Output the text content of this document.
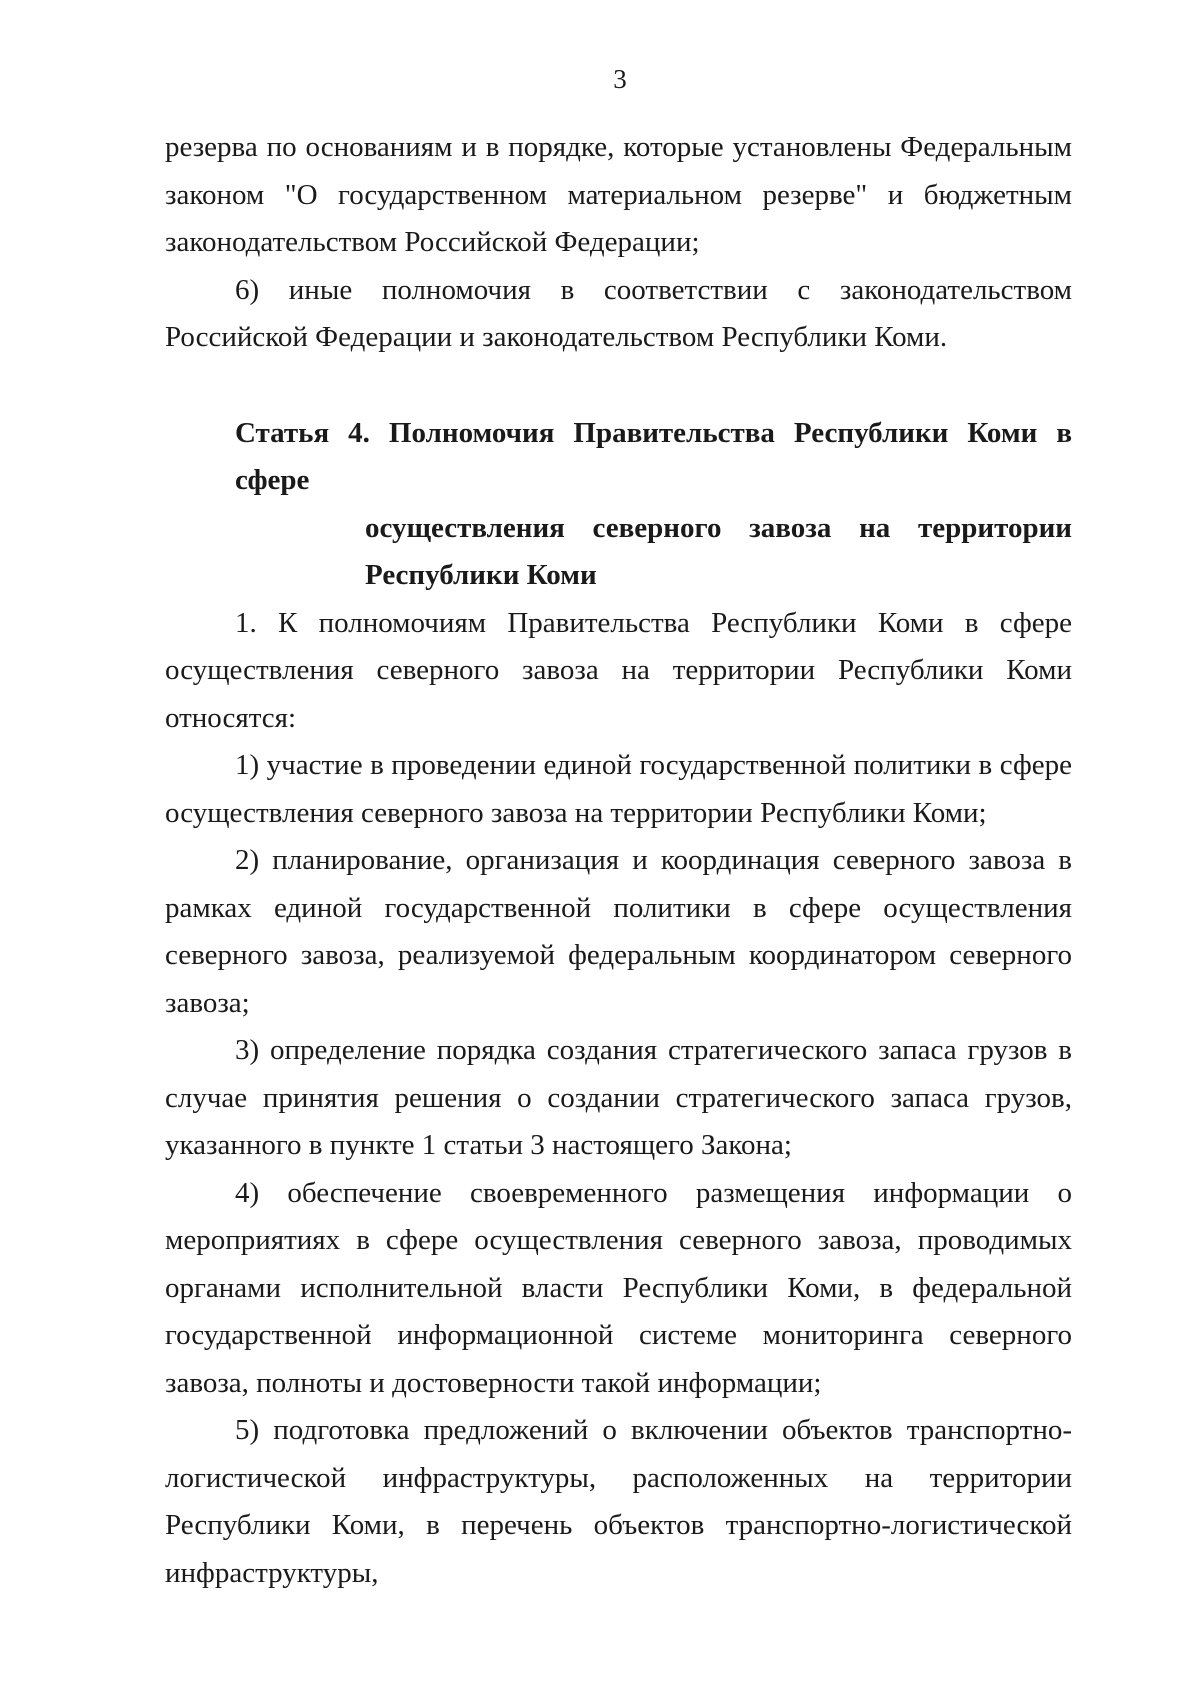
3

резерва по основаниям и в порядке, которые установлены Федеральным законом "О государственном материальном резерве" и бюджетным законодательством Российской Федерации;

6) иные полномочия в соответствии с законодательством Российской Федерации и законодательством Республики Коми.

Статья 4. Полномочия Правительства Республики Коми в сфере
осуществления северного завоза на территории
Республики Коми

1. К полномочиям Правительства Республики Коми в сфере осуществления северного завоза на территории Республики Коми относятся:

1) участие в проведении единой государственной политики в сфере осуществления северного завоза на территории Республики Коми;

2) планирование, организация и координация северного завоза в рамках единой государственной политики в сфере осуществления северного завоза, реализуемой федеральным координатором северного завоза;

3) определение порядка создания стратегического запаса грузов в случае принятия решения о создании стратегического запаса грузов, указанного в пункте 1 статьи 3 настоящего Закона;

4) обеспечение своевременного размещения информации о мероприятиях в сфере осуществления северного завоза, проводимых органами исполнительной власти Республики Коми, в федеральной государственной информационной системе мониторинга северного завоза, полноты и достоверности такой информации;

5) подготовка предложений о включении объектов транспортно-логистической инфраструктуры, расположенных на территории Республики Коми, в перечень объектов транспортно-логистической инфраструктуры,
